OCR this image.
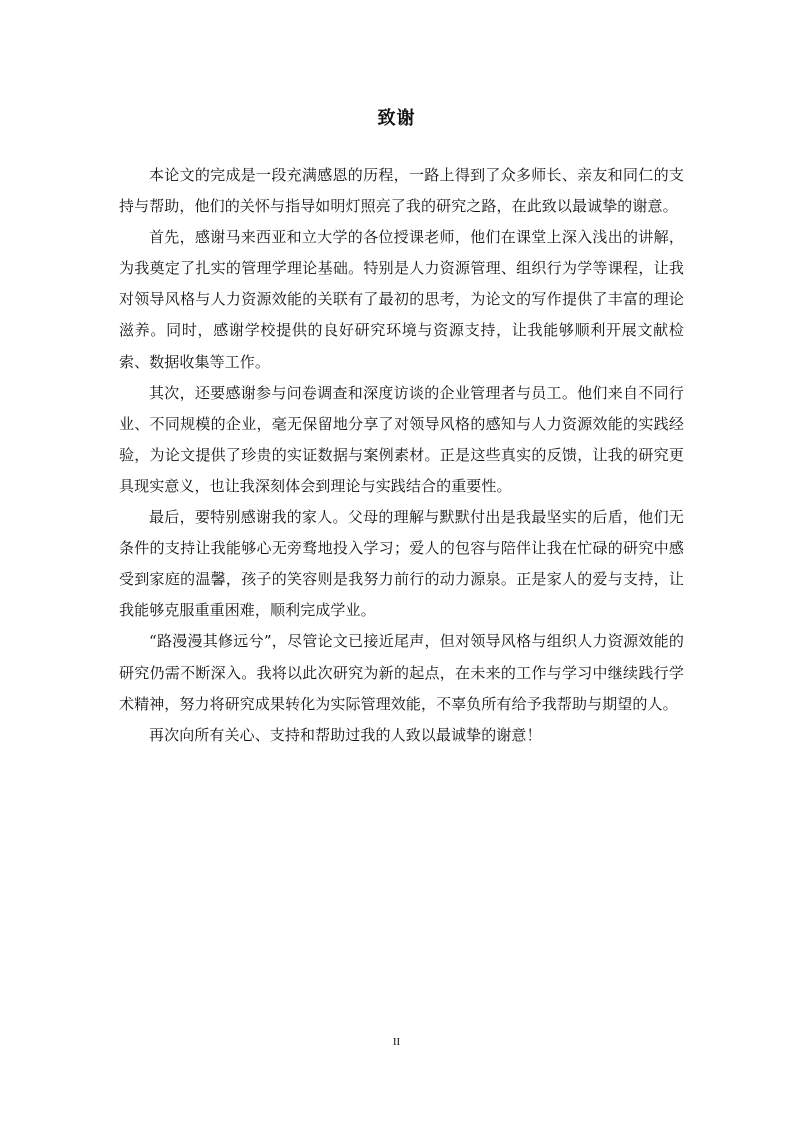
致谢

本论文的完成是一段充满感恩的历程，一路上得到了众多师长、亲友和同仁的支持与帮助，他们的关怀与指导如明灯照亮了我的研究之路，在此致以最诚挚的谢意。

首先，感谢马来西亚和立大学的各位授课老师，他们在课堂上深入浅出的讲解，为我奠定了扎实的管理学理论基础。特别是人力资源管理、组织行为学等课程，让我对领导风格与人力资源效能的关联有了最初的思考，为论文的写作提供了丰富的理论滋养。同时，感谢学校提供的良好研究环境与资源支持，让我能够顺利开展文献检索、数据收集等工作。

其次，还要感谢参与问卷调查和深度访谈的企业管理者与员工。他们来自不同行业、不同规模的企业，毫无保留地分享了对领导风格的感知与人力资源效能的实践经验，为论文提供了珍贵的实证数据与案例素材。正是这些真实的反馈，让我的研究更具现实意义，也让我深刻体会到理论与实践结合的重要性。

最后，要特别感谢我的家人。父母的理解与默默付出是我最坚实的后盾，他们无条件的支持让我能够心无旁骛地投入学习；爱人的包容与陪伴让我在忙碌的研究中感受到家庭的温馨，孩子的笑容则是我努力前行的动力源泉。正是家人的爱与支持，让我能够克服重重困难，顺利完成学业。

“路漫漫其修远兮”，尽管论文已接近尾声，但对领导风格与组织人力资源效能的研究仍需不断深入。我将以此次研究为新的起点，在未来的工作与学习中继续践行学术精神，努力将研究成果转化为实际管理效能，不辜负所有给予我帮助与期望的人。

再次向所有关心、支持和帮助过我的人致以最诚挚的谢意！

II
